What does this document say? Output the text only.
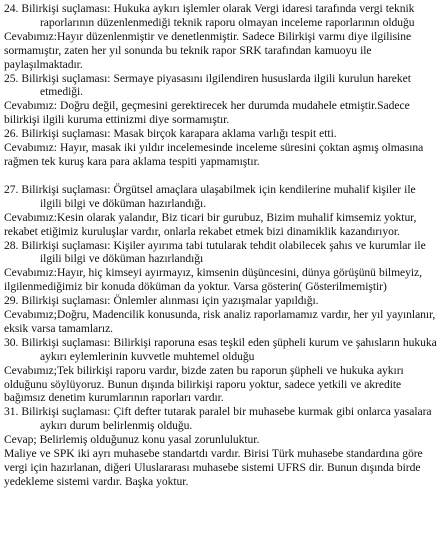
24. Bilirkişi suçlaması: Hukuka aykırı işlemler olarak Vergi idaresi tarafında vergi teknik raporlarının düzenlenmediği teknik raporu olmayan inceleme raporlarının olduğu

Cevabımız:Hayır düzenlenmiştir ve denetlenmiştir. Sadece Bilirkişi varmı diye ilgilisine sormamıştır, zaten her yıl sonunda bu teknik rapor SRK tarafından kamuoyu ile paylaşılmaktadır.

25. Bilirkişi suçlaması: Sermaye piyasasını ilgilendiren hususlarda ilgili kurulun hareket etmediği.

Cevabımız: Doğru değil, geçmesini gerektirecek her durumda mudahele etmiştir.Sadece bilirkişi ilgili kuruma ettinizmi diye sormamıştır.

26. Bilirkişi suçlaması: Masak birçok karapara aklama varlığı tespit etti.

Cevabımız: Hayır, masak iki yıldır incelemesinde inceleme süresini çoktan aşmış olmasına rağmen tek kuruş kara para aklama tespiti yapmamıştır.

27. Bilirkişi suçlaması: Örgütsel amaçlara ulaşabilmek için kendilerine muhalif kişiler ile ilgili bilgi ve döküman hazırlandığı.

Cevabımız:Kesin olarak yalandır, Biz ticari bir gurubuz, Bizim muhalif kimsemiz yoktur, rekabet etiğimiz kuruluşlar vardır, onlarla rekabet etmek bizi dinamiklik kazandırıyor.

28. Bilirkişi suçlaması: Kişiler ayırıma tabi tutularak tehdit olabilecek şahıs ve kurumlar ile ilgili bilgi ve döküman hazırlandığı

Cevabımız:Hayır, hiç kimseyi ayırmayız, kimsenin düşüncesini, dünya görüşünü bilmeyiz, ilgilenmediğimiz bir konuda döküman da yoktur. Varsa gösterin( Gösterilmemiştir)

29. Bilirkişi suçlaması: Önlemler alınması için yazışmalar yapıldığı.

Cevabımız;Doğru, Madencilik konusunda, risk analiz raporlamamız vardır, her yıl yayınlanır, eksik varsa tamamlarız.

30. Bilirkişi suçlaması: Bilirkişi raporuna esas teşkil eden şüpheli kurum ve şahısların hukuka aykırı eylemlerinin kuvvetle muhtemel olduğu

Cevabımız;Tek bilirkişi raporu vardır, bizde zaten bu raporun şüpheli ve hukuka aykırı olduğunu söylüyoruz. Bunun dışında bilirkişi raporu yoktur, sadece yetkili ve akredite bağımsız denetim kurumlarının raporları vardır.

31. Bilirkişi suçlaması: Çift defter tutarak paralel bir muhasebe kurmak gibi onlarca yasalara aykırı durum belirlenmiş olduğu.

Cevap; Belirlemiş olduğunuz konu yasal zorunluluktur.

Maliye ve SPK iki ayrı muhasebe standartdı vardır. Birisi Türk muhasebe standardına göre vergi için hazırlanan, diğeri Uluslararası muhasebe sistemi UFRS dir. Bunun dışında birde yedekleme sistemi vardır. Başka yoktur.
